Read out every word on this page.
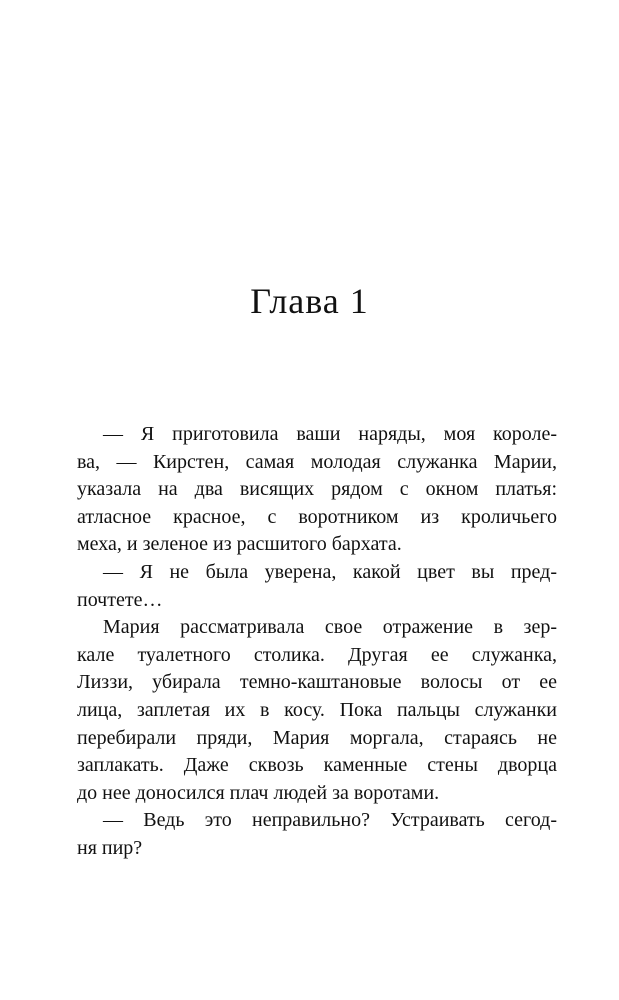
Глава 1
— Я приготовила ваши наряды, моя короле-
ва, — Кирстен, самая молодая служанка Марии,
указала на два висящих рядом с окном платья:
атласное красное, с воротником из кроличьего
меха, и зеленое из расшитого бархата.
— Я не была уверена, какой цвет вы пред-
почтете…
Мария рассматривала свое отражение в зер-
кале туалетного столика. Другая ее служанка,
Лиззи, убирала темно-каштановые волосы от ее
лица, заплетая их в косу. Пока пальцы служанки
перебирали пряди, Мария моргала, стараясь не
заплакать. Даже сквозь каменные стены дворца
до нее доносился плач людей за воротами.
— Ведь это неправильно? Устраивать сегод-
ня пир?
